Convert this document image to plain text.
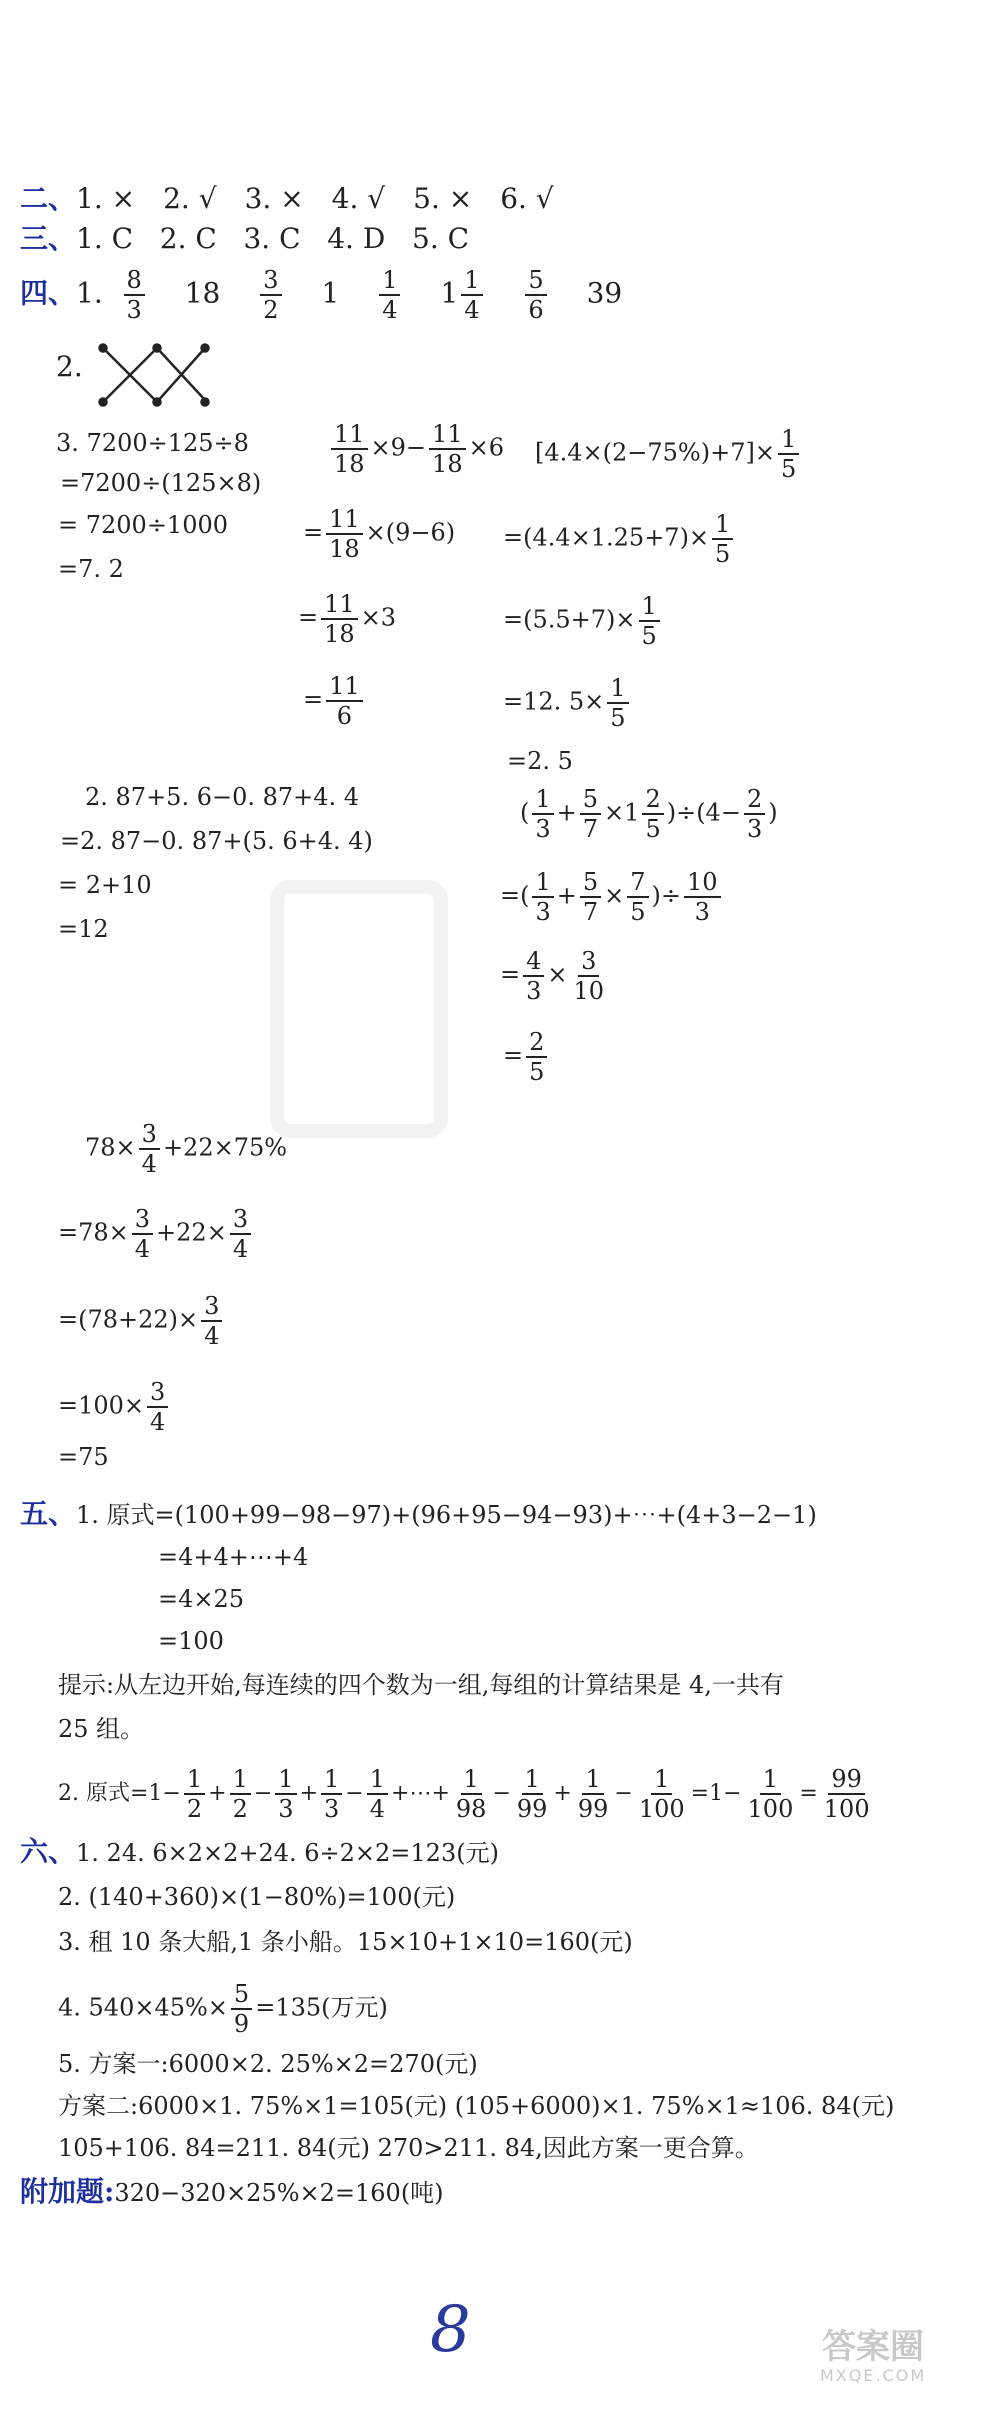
二、1. ×  2. √  3. ×  4. √  5. ×  6. √
三、1. C   2. C   3. C   4. D   5. C
四、1. $\frac{8}{3}$
  18  $\frac{3}{2}$
  1  $\frac{1}{4}$
  $1 \frac{1}{4}$
  $\frac{5}{6}$
  39
2.
3. 7200÷125÷8
=7200÷(125×8)
= 7200÷1000
=7. 2
$\frac{11}{18} \times 9- \frac{11}{18} \times 6$
= $\frac{11}{18} \times(9-6)$
= $\frac{11}{18} \times 3$
= $\frac{11}{6}$
$[4.4\times(2-75\%)+7]\times \frac{1}{5}$
$=(4.4\times 1.25+7)\times \frac{1}{5}$
$=(5.5+7)\times \frac{1}{5}$
=12. $5\times \frac{1}{5}$
=2. 5
2. 87+5. 6−0. 87+4. 4
=2. 87−0. 87+(5. 6+4. 4)
= 2+10
=12
( $\frac{1}{3} + \frac{5}{7} \times 1 \frac{2}{5} )\div(4- \frac{2}{3}$ )
=( $\frac{1}{3} + \frac{5}{7} \times \frac{7}{5}$ )÷ $\frac{10}{3}$
= $\frac{4}{3} \times \frac{3}{10}$
= $\frac{2}{5}$
$78\times \frac{3}{4} +22\times 75\%$
$=78\times \frac{3}{4} +22\times \frac{3}{4}$
$=(78+22)\times \frac{3}{4}$
$=100\times \frac{3}{4}$
=75
五、1. 原式=(100+99−98−97)+(96+95−94−93)+⋯+(4+3−2−1)
=4+4+⋯+4
=4×25
=100
提示:从左边开始,每连续的四个数为一组,每组的计算结果是 4,一共有
25 组。
2. 原式$=1- \frac{1}{2} + \frac{1}{2} - \frac{1}{3} + \frac{1}{3} - \frac{1}{4}$ +⋯+ $\frac{1}{98} - \frac{1}{99} + \frac{1}{99} - \frac{1}{100} =1- \frac{1}{100} = \frac{99}{100}$
六、1. 24. 6×2×2+24. 6÷2×2=123(元)
2. (140+360)×(1−80%)=100(元)
3. 租 10 条大船,1 条小船。15×10+1×10=160(元)
4. $540\times 45\%\times \frac{5}{9} =135$(万元)
5. 方案一:6000×2. 25%×2=270(元)
方案二:6000×1. 75%×1=105(元) (105+6000)×1. 75%×1≈106. 84(元)
105+106. 84=211. 84(元) 270>211. 84,因此方案一更合算。
附加题:320−320×25%×2=160(吨)
8	答案圈
MXQE.COM
